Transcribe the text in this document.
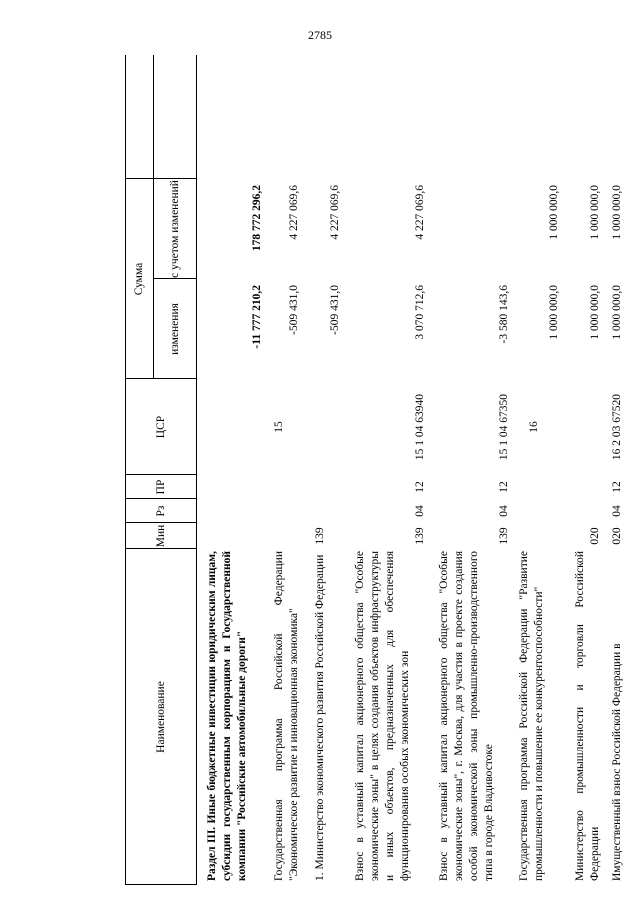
2785
Наименование
Мин
Рз
ПР
ЦСР
Сумма
изменения
с учетом изменений
Раздел III. Иные бюджетные инвестиции юридическим лицам, субсидии государственным корпорациям и Государственной компании "Российские автомобильные дороги"
-11 777 210,2
178 772 296,2
Государственная программа Российской Федерации "Экономическое развитие и инновационная экономика"
15
-509 431,0
4 227 069,6
1. Министерство экономического развития Российской Федерации
139
-509 431,0
4 227 069,6
Взнос в уставный капитал акционерного общества "Особые экономические зоны" в целях создания объектов инфраструктуры и иных объектов, предназначенных для обеспечения функционирования особых экономических зон
139
04
12
15 1 04 63940
3 070 712,6
4 227 069,6
Взнос в уставный капитал акционерного общества "Особые экономические зоны", г. Москва, для участия в проекте создания особой экономической зоны промышленно-производственного типа в городе Владивостоке
139
04
12
15 1 04 67350
-3 580 143,6
Государственная программа Российской Федерации "Развитие промышленности и повышение ее конкурентоспособности"
16
1 000 000,0
1 000 000,0
Министерство промышленности и торговли Российской Федерации
020
1 000 000,0
1 000 000,0
Имущественный взнос Российской Федерации в
020
04
12
16 2 03 67520
1 000 000,0
1 000 000,0
